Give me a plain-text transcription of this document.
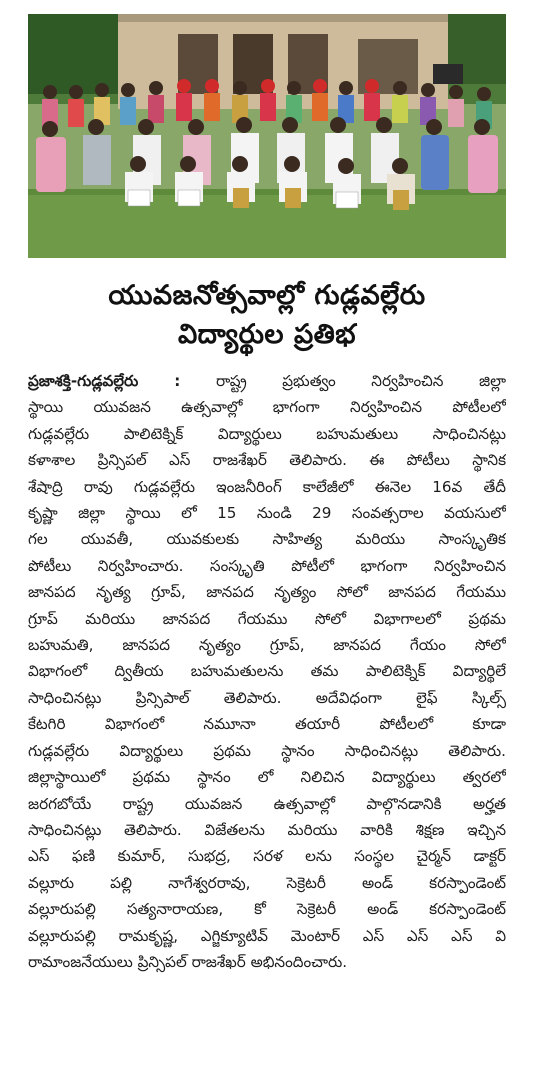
యువజనోత్సవాల్లో గుడ్లవల్లేరు
విద్యార్థుల ప్రతిభ
ప్రజాశక్తి-గుడ్లవల్లేరు : రాష్ట్ర ప్రభుత్వం నిర్వహించిన జిల్లా
స్థాయి యువజన ఉత్సవాల్లో భాగంగా నిర్వహించిన పోటీలలో
గుడ్లవల్లేరు పాలిటెక్నిక్ విద్యార్థులు బహుమతులు సాధించినట్లు
కళాశాల ప్రిన్సిపల్ ఎస్ రాజశేఖర్ తెలిపారు. ఈ పోటీలు స్థానిక
శేషాద్రి రావు గుడ్లవల్లేరు ఇంజనీరింగ్ కాలేజీలో ఈనెల 16వ తేదీ
కృష్ణా జిల్లా స్థాయి లో 15 నుండి 29 సంవత్సరాల వయసులో
గల యువతీ, యువకులకు సాహిత్య మరియు సాంస్కృతిక
పోటీలు నిర్వహించారు. సంస్కృతి పోటీలో భాగంగా నిర్వహించిన
జానపద నృత్య గ్రూప్, జానపద నృత్యం సోలో జానపద గేయము
గ్రూప్ మరియు జానపద గేయము సోలో విభాగాలలో ప్రథమ
బహుమతి, జానపద నృత్యం గ్రూప్, జానపద గేయం సోలో
విభాగంలో ద్వితీయ బహుమతులను తమ పాలిటెక్నిక్ విద్యార్థిలే
సాధించినట్లు ప్రిన్సిపాల్ తెలిపారు. అదేవిధంగా లైఫ్ స్కిల్స్
కేటగిరి విభాగంలో నమూనా తయారీ పోటీలలో కూడా
గుడ్లవల్లేరు విద్యార్థులు ప్రథమ స్థానం సాధించినట్లు తెలిపారు.
జిల్లాస్థాయిలో ప్రథమ స్థానం లో నిలిచిన విద్యార్థులు త్వరలో
జరగబోయే రాష్ట్ర యువజన ఉత్సవాల్లో పాల్గొనడానికి అర్హత
సాధించినట్లు తెలిపారు. విజేతలను మరియు వారికి శిక్షణ ఇచ్చిన
ఎస్ ఫణి కుమార్, సుభద్ర, సరళ లను సంస్థల చైర్మన్ డాక్టర్
వల్లూరు పల్లి నాగేశ్వరరావు, సెక్రెటరీ అండ్ కరస్పాండెంట్
వల్లూరుపల్లి సత్యనారాయణ, కో సెక్రెటరీ అండ్ కరస్పాండెంట్
వల్లూరుపల్లి రామకృష్ణ, ఎగ్జిక్యూటివ్ మెంటార్ ఎస్ ఎస్ ఎస్ వి
రామాంజనేయులు ప్రిన్సిపల్ రాజశేఖర్ అభినందించారు.
